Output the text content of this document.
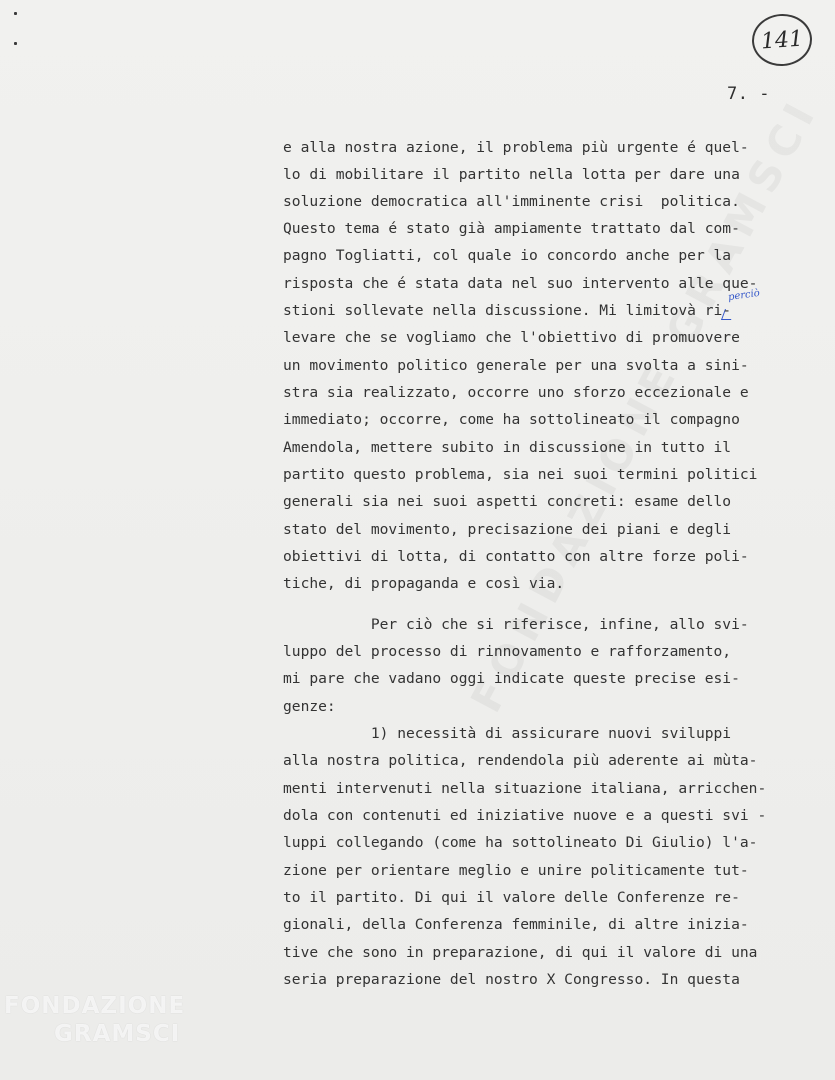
141
7. -
perciò
e alla nostra azione, il problema più urgente é quel-
lo di mobilitare il partito nella lotta per dare una
soluzione democratica all'imminente crisi  politica.
Questo tema é stato già ampiamente trattato dal com-
pagno Togliatti, col quale io concordo anche per la
risposta che é stata data nel suo intervento alle que-
stioni sollevate nella discussione. Mi limitovà ri-
levare che se vogliamo che l'obiettivo di promuovere
un movimento politico generale per una svolta a sini-
stra sia realizzato, occorre uno sforzo eccezionale e
immediato; occorre, come ha sottolineato il compagno
Amendola, mettere subito in discussione in tutto il
partito questo problema, sia nei suoi termini politici
generali sia nei suoi aspetti concreti: esame dello
stato del movimento, precisazione dei piani e degli
obiettivi di lotta, di contatto con altre forze poli-
tiche, di propaganda e così via.
Per ciò che si riferisce, infine, allo svi-
luppo del processo di rinnovamento e rafforzamento,
mi pare che vadano oggi indicate queste precise esi-
genze:
1) necessità di assicurare nuovi sviluppi
alla nostra politica, rendendola più aderente ai mùta-
menti intervenuti nella situazione italiana, arricchen-
dola con contenuti ed iniziative nuove e a questi svi -
luppi collegando (come ha sottolineato Di Giulio) l'a-
zione per orientare meglio e unire politicamente tut-
to il partito. Di qui il valore delle Conferenze re-
gionali, della Conferenza femminile, di altre inizia-
tive che sono in preparazione, di qui il valore di una
seria preparazione del nostro X Congresso. In questa
FONDAZIONE
GRAMSCI
